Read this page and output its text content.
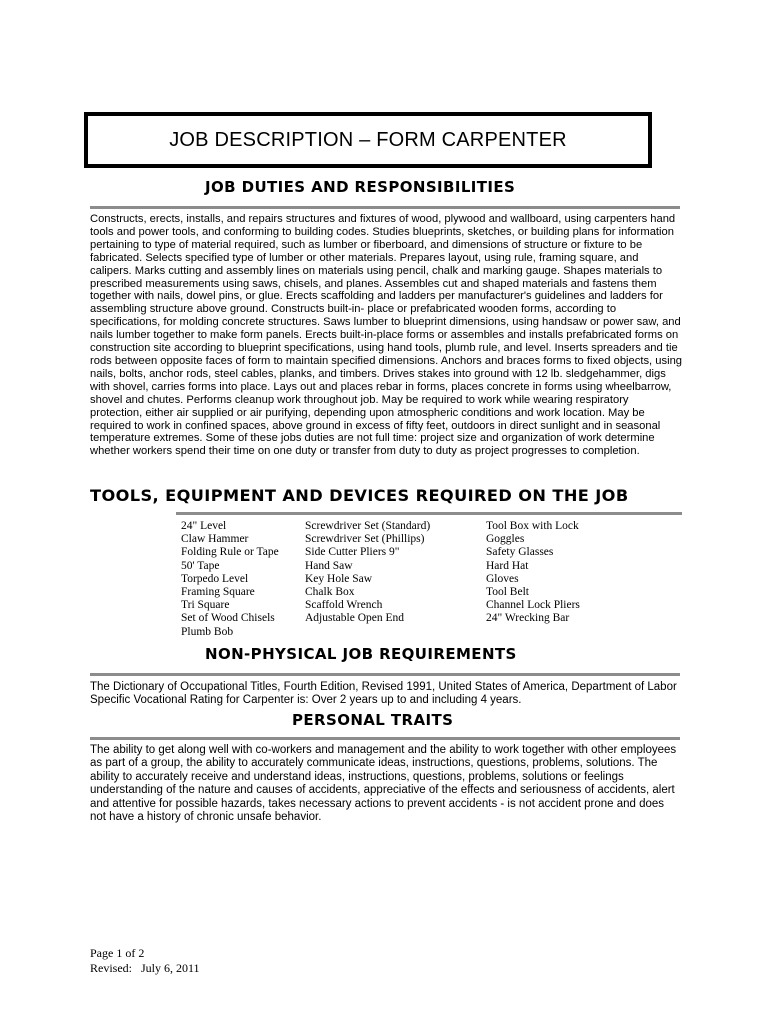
JOB DESCRIPTION – FORM CARPENTER
JOB DUTIES AND RESPONSIBILITIES

Constructs, erects, installs, and repairs structures and fixtures of wood, plywood and wallboard, using carpenters hand tools and power tools, and conforming to building codes. Studies blueprints, sketches, or building plans for information pertaining to type of material required, such as lumber or fiberboard, and dimensions of structure or fixture to be fabricated. Selects specified type of lumber or other materials. Prepares layout, using rule, framing square, and calipers. Marks cutting and assembly lines on materials using pencil, chalk and marking gauge. Shapes materials to prescribed measurements using saws, chisels, and planes. Assembles cut and shaped materials and fastens them together with nails, dowel pins, or glue. Erects scaffolding and ladders per manufacturer's guidelines and ladders for assembling structure above ground. Constructs built-in- place or prefabricated wooden forms, according to specifications, for molding concrete structures. Saws lumber to blueprint dimensions, using handsaw or power saw, and nails lumber together to make form panels. Erects built-in-place forms or assembles and installs prefabricated forms on construction site according to blueprint specifications, using hand tools, plumb rule, and level. Inserts spreaders and tie rods between opposite faces of form to maintain specified dimensions. Anchors and braces forms to fixed objects, using nails, bolts, anchor rods, steel cables, planks, and timbers. Drives stakes into ground with 12 lb. sledgehammer, digs with shovel, carries forms into place. Lays out and places rebar in forms, places concrete in forms using wheelbarrow, shovel and chutes. Performs cleanup work throughout job. May be required to work while wearing respiratory protection, either air supplied or air purifying, depending upon atmospheric conditions and work location. May be required to work in confined spaces, above ground in excess of fifty feet, outdoors in direct sunlight and in seasonal temperature extremes. Some of these jobs duties are not full time: project size and organization of work determine whether workers spend their time on one duty or transfer from duty to duty as project progresses to completion.

TOOLS, EQUIPMENT AND DEVICES REQUIRED ON THE JOB
24" Level
Claw Hammer
Folding Rule or Tape
50' Tape
Torpedo Level
Framing Square
Tri Square
Set of Wood Chisels
Plumb Bob
Screwdriver Set (Standard)
Screwdriver Set (Phillips)
Side Cutter Pliers 9"
Hand Saw
Key Hole Saw
Chalk Box
Scaffold Wrench
Adjustable Open End
Tool Box with Lock
Goggles
Safety Glasses
Hard Hat
Gloves
Tool Belt
Channel Lock Pliers
24" Wrecking Bar
NON-PHYSICAL JOB REQUIREMENTS

The Dictionary of Occupational Titles, Fourth Edition, Revised 1991, United States of America, Department of Labor Specific Vocational Rating for Carpenter is: Over 2 years up to and including 4 years.

PERSONAL TRAITS

The ability to get along well with co-workers and management and the ability to work together with other employees as part of a group, the ability to accurately communicate ideas, instructions, questions, problems, solutions. The ability to accurately receive and understand ideas, instructions, questions, problems, solutions or feelings understanding of the nature and causes of accidents, appreciative of the effects and seriousness of accidents, alert and attentive for possible hazards, takes necessary actions to prevent accidents - is not accident prone and does not have a history of chronic unsafe behavior.

Page 1 of 2
Revised:   July 6, 2011
